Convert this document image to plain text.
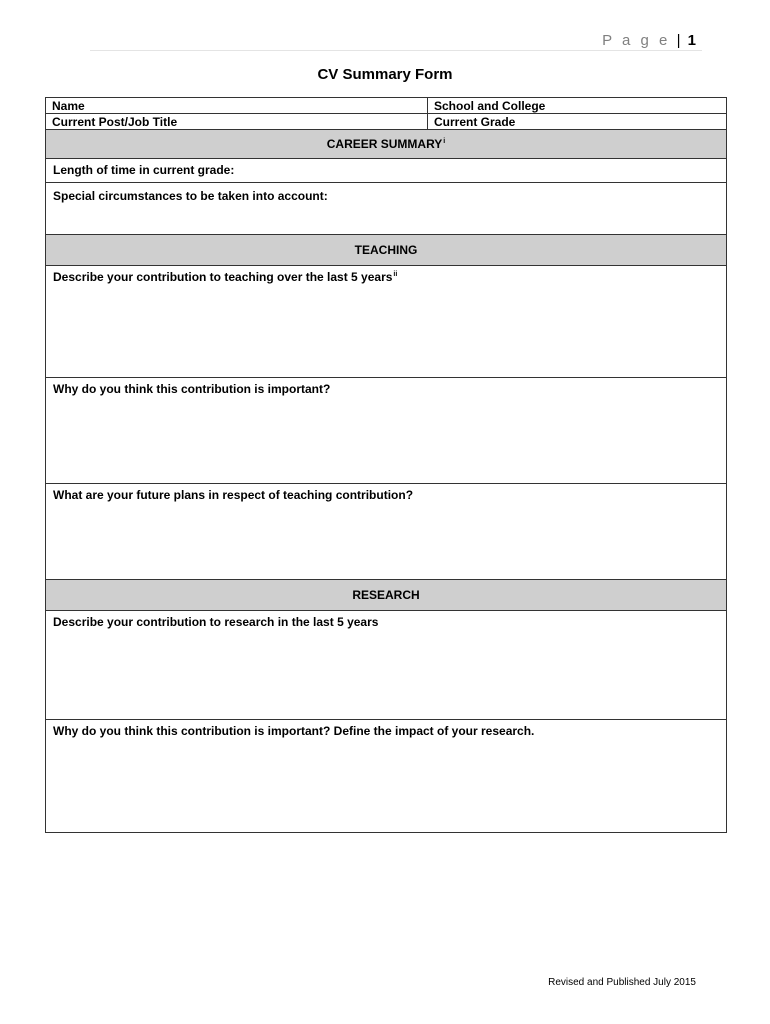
P a g e | 1
CV Summary Form
Name	School and College
Current Post/Job Title	Current Grade
CAREER SUMMARY$^i$
Length of time in current grade:
Special circumstances to be taken into account:
TEACHING
Describe your contribution to teaching over the last 5 years$^{ii}$
Why do you think this contribution is important?
What are your future plans in respect of teaching contribution?
RESEARCH
Describe your contribution to research in the last 5 years
Why do you think this contribution is important? Define the impact of your research.
Revised and Published July 2015
